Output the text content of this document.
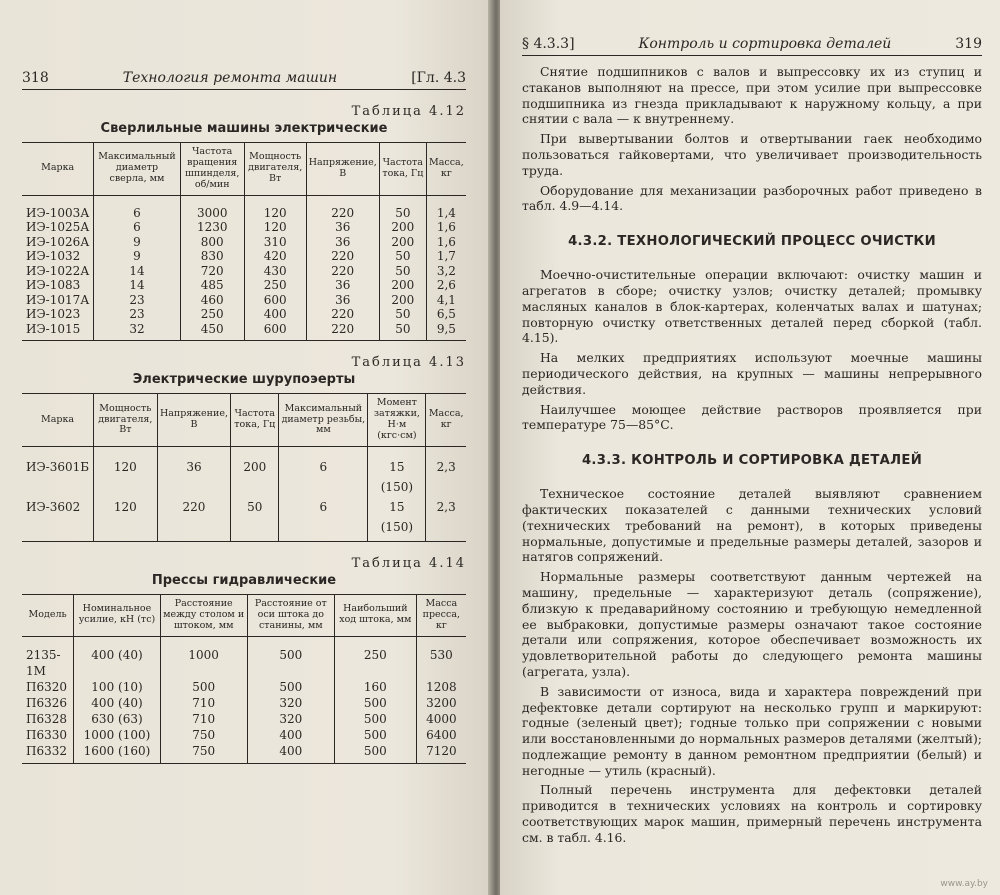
318	Технология ремонта машин	[Гл. 4.3
Таблица 4.12
Сверлильные машины электрические
Марка	Максимальный диаметр сверла, мм	Частота вращения шпинделя, об/мин	Мощность двигателя, Вт	Напряжение, В	Частота тока, Гц	Масса, кг
ИЭ-1003А	6	3000	120	220	50	1,4
ИЭ-1025А	6	1230	120	36	200	1,6
ИЭ-1026А	9	800	310	36	200	1,6
ИЭ-1032	9	830	420	220	50	1,7
ИЭ-1022А	14	720	430	220	50	3,2
ИЭ-1083	14	485	250	36	200	2,6
ИЭ-1017А	23	460	600	36	200	4,1
ИЭ-1023	23	250	400	220	50	6,5
ИЭ-1015	32	450	600	220	50	9,5
Таблица 4.13
Электрические шурупоэерты
Марка	Мощность двигателя, Вт	Напряжение, В	Частота тока, Гц	Максимальный диаметр резьбы, мм	Момент затяжки, Н·м (кгс·см)	Масса, кг
ИЭ-3601Б	120	36	200	6	15 (150)	2,3
ИЭ-3602	120	220	50	6	15 (150)	2,3
Таблица 4.14
Прессы гидравлические
Модель	Номинальное усилие, кН (тс)	Расстояние между столом и штоком, мм	Расстояние от оси штока до станины, мм	Наибольший ход штока, мм	Масса пресса, кг
2135-1М	400 (40)	1000	500	250	530
П6320	100 (10)	500	500	160	1208
П6326	400 (40)	710	320	500	3200
П6328	630 (63)	710	320	500	4000
П6330	1000 (100)	750	400	500	6400
П6332	1600 (160)	750	400	500	7120
§ 4.3.3]	Контроль и сортировка деталей	319

Снятие подшипников с валов и выпрессовку их из ступиц и стаканов выполняют на прессе, при этом усилие при выпрессовке подшипника из гнезда прикладывают к наружному кольцу, а при снятии с вала — к внутреннему.

При вывертывании болтов и отвертывании гаек необходимо пользоваться гайковертами, что увеличивает производительность труда.

Оборудование для механизации разборочных работ приведено в табл. 4.9—4.14.

4.3.2. ТЕХНОЛОГИЧЕСКИЙ ПРОЦЕСС ОЧИСТКИ

Моечно-очистительные операции включают: очистку машин и агрегатов в сборе; очистку узлов; очистку деталей; промывку масляных каналов в блок-картерах, коленчатых валах и шатунах; повторную очистку ответственных деталей перед сборкой (табл. 4.15).

На мелких предприятиях используют моечные машины периодического действия, на крупных — машины непрерывного действия.

Наилучшее моющее действие растворов проявляется при температуре 75—85°С.

4.3.3. КОНТРОЛЬ И СОРТИРОВКА ДЕТАЛЕЙ

Техническое состояние деталей выявляют сравнением фактических показателей с данными технических условий (технических требований на ремонт), в которых приведены нормальные, допустимые и предельные размеры деталей, зазоров и натягов сопряжений.

Нормальные размеры соответствуют данным чертежей на машину, предельные — характеризуют деталь (сопряжение), близкую к предаварийному состоянию и требующую немедленной ее выбраковки, допустимые размеры означают такое состояние детали или сопряжения, которое обеспечивает возможность их удовлетворительной работы до следующего ремонта машины (агрегата, узла).

В зависимости от износа, вида и характера повреждений при дефектовке детали сортируют на несколько групп и маркируют: годные (зеленый цвет); годные только при сопряжении с новыми или восстановленными до нормальных размеров деталями (желтый); подлежащие ремонту в данном ремонтном предприятии (белый) и негодные — утиль (красный).

Полный перечень инструмента для дефектовки деталей приводится в технических условиях на контроль и сортировку соответствующих марок машин, примерный перечень инструмента см. в табл. 4.16.

www.ay.by
